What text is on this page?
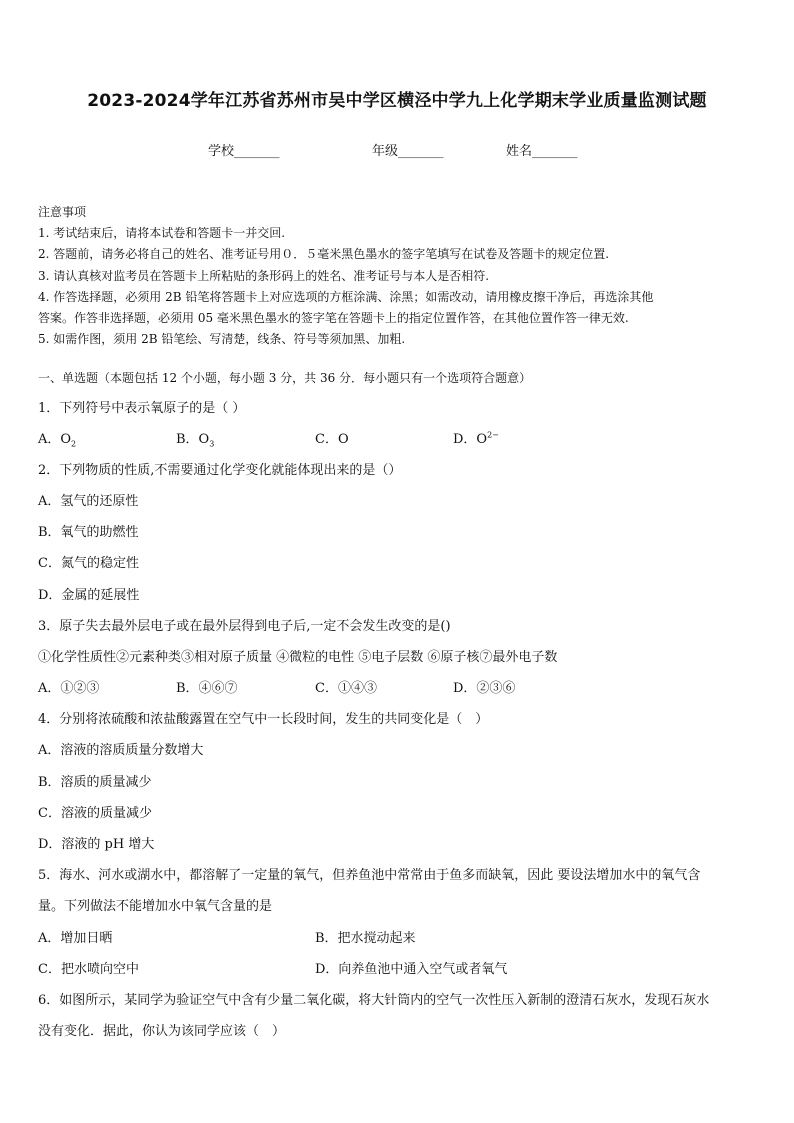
2023-2024学年江苏省苏州市吴中学区横泾中学九上化学期末学业质量监测试题
学校_______	年级_______	姓名_______
注意事项
1. 考试结束后，请将本试卷和答题卡一并交回.
2. 答题前，请务必将自己的姓名、准考证号用０．５毫米黑色墨水的签字笔填写在试卷及答题卡的规定位置.
3. 请认真核对监考员在答题卡上所粘贴的条形码上的姓名、准考证号与本人是否相符.
4. 作答选择题，必须用 2B 铅笔将答题卡上对应选项的方框涂满、涂黑；如需改动，请用橡皮擦干净后，再选涂其他
答案。作答非选择题，必须用 05 毫米黑色墨水的签字笔在答题卡上的指定位置作答，在其他位置作答一律无效.
5. 如需作图，须用 2B 铅笔绘、写清楚，线条、符号等须加黑、加粗.
一、单选题（本题包括 12 个小题，每小题 3 分，共 36 分．每小题只有一个选项符合题意）
1．下列符号中表示氧原子的是（ ）
A．$O_2$	B．$O_3$	C．O	D．$O^{2-}$
2．下列物质的性质,不需要通过化学变化就能体现出来的是（）
A．氢气的还原性
B．氧气的助燃性
C．氮气的稳定性
D．金属的延展性
3．原子失去最外层电子或在最外层得到电子后,一定不会发生改变的是()
①化学性质性②元素种类③相对原子质量 ④微粒的电性 ⑤电子层数 ⑥原子核⑦最外电子数
A．①②③	B．④⑥⑦	C．①④③	D．②③⑥
4．分别将浓硫酸和浓盐酸露置在空气中一长段时间，发生的共同变化是（　）
A．溶液的溶质质量分数增大
B．溶质的质量减少
C．溶液的质量减少
D．溶液的 pH 增大
5．海水、河水或湖水中，都溶解了一定量的氧气，但养鱼池中常常由于鱼多而缺氧，因此 要设法增加水中的氧气含
量。下列做法不能增加水中氧气含量的是
A．增加日晒	B．把水搅动起来
C．把水喷向空中	D．向养鱼池中通入空气或者氧气
6．如图所示，某同学为验证空气中含有少量二氧化碳，将大针筒内的空气一次性压入新制的澄清石灰水，发现石灰水
没有变化．据此，你认为该同学应该（　）
